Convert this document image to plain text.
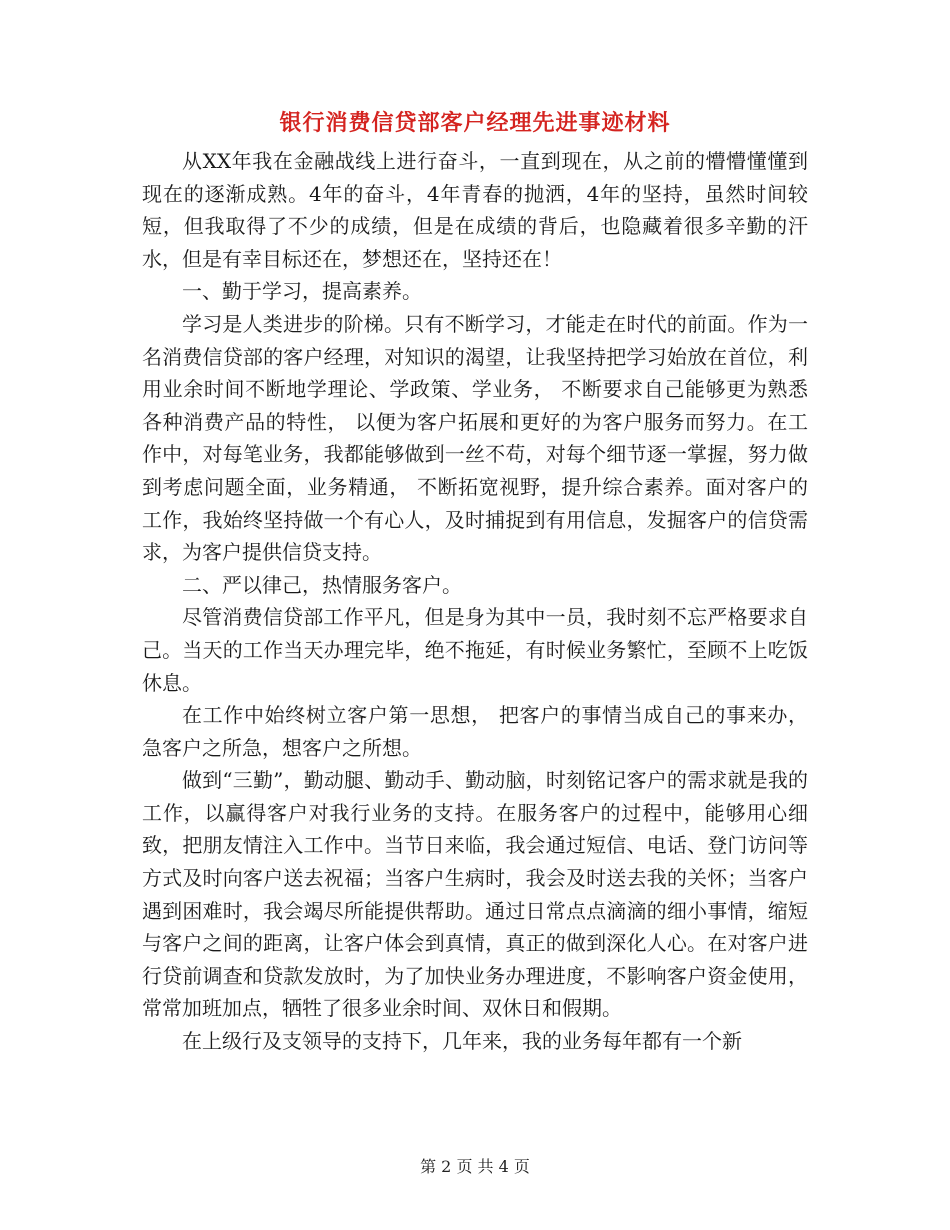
银行消费信贷部客户经理先进事迹材料

从XX年我在金融战线上进行奋斗，一直到现在，从之前的懵懵懂懂到现在的逐渐成熟。4年的奋斗，4年青春的抛洒，4年的坚持，虽然时间较短，但我取得了不少的成绩，但是在成绩的背后，也隐藏着很多辛勤的汗水，但是有幸目标还在，梦想还在，坚持还在！

一、勤于学习，提高素养。

学习是人类进步的阶梯。只有不断学习，才能走在时代的前面。作为一名消费信贷部的客户经理，对知识的渴望，让我坚持把学习始放在首位，利用业余时间不断地学理论、学政策、学业务， 不断要求自己能够更为熟悉各种消费产品的特性， 以便为客户拓展和更好的为客户服务而努力。在工作中，对每笔业务，我都能够做到一丝不苟，对每个细节逐一掌握，努力做到考虑问题全面，业务精通， 不断拓宽视野，提升综合素养。面对客户的工作，我始终坚持做一个有心人，及时捕捉到有用信息，发掘客户的信贷需求，为客户提供信贷支持。

二、严以律己，热情服务客户。

尽管消费信贷部工作平凡，但是身为其中一员，我时刻不忘严格要求自己。当天的工作当天办理完毕，绝不拖延，有时候业务繁忙，至顾不上吃饭休息。

在工作中始终树立客户第一思想， 把客户的事情当成自己的事来办，急客户之所急，想客户之所想。

做到“三勤”，勤动腿、勤动手、勤动脑，时刻铭记客户的需求就是我的工作，以赢得客户对我行业务的支持。在服务客户的过程中，能够用心细致，把朋友情注入工作中。当节日来临，我会通过短信、电话、登门访问等方式及时向客户送去祝福；当客户生病时，我会及时送去我的关怀；当客户遇到困难时，我会竭尽所能提供帮助。通过日常点点滴滴的细小事情，缩短与客户之间的距离，让客户体会到真情，真正的做到深化人心。在对客户进行贷前调查和贷款发放时，为了加快业务办理进度，不影响客户资金使用，常常加班加点，牺牲了很多业余时间、双休日和假期。

在上级行及支领导的支持下，几年来，我的业务每年都有一个新

第 2 页 共 4 页
